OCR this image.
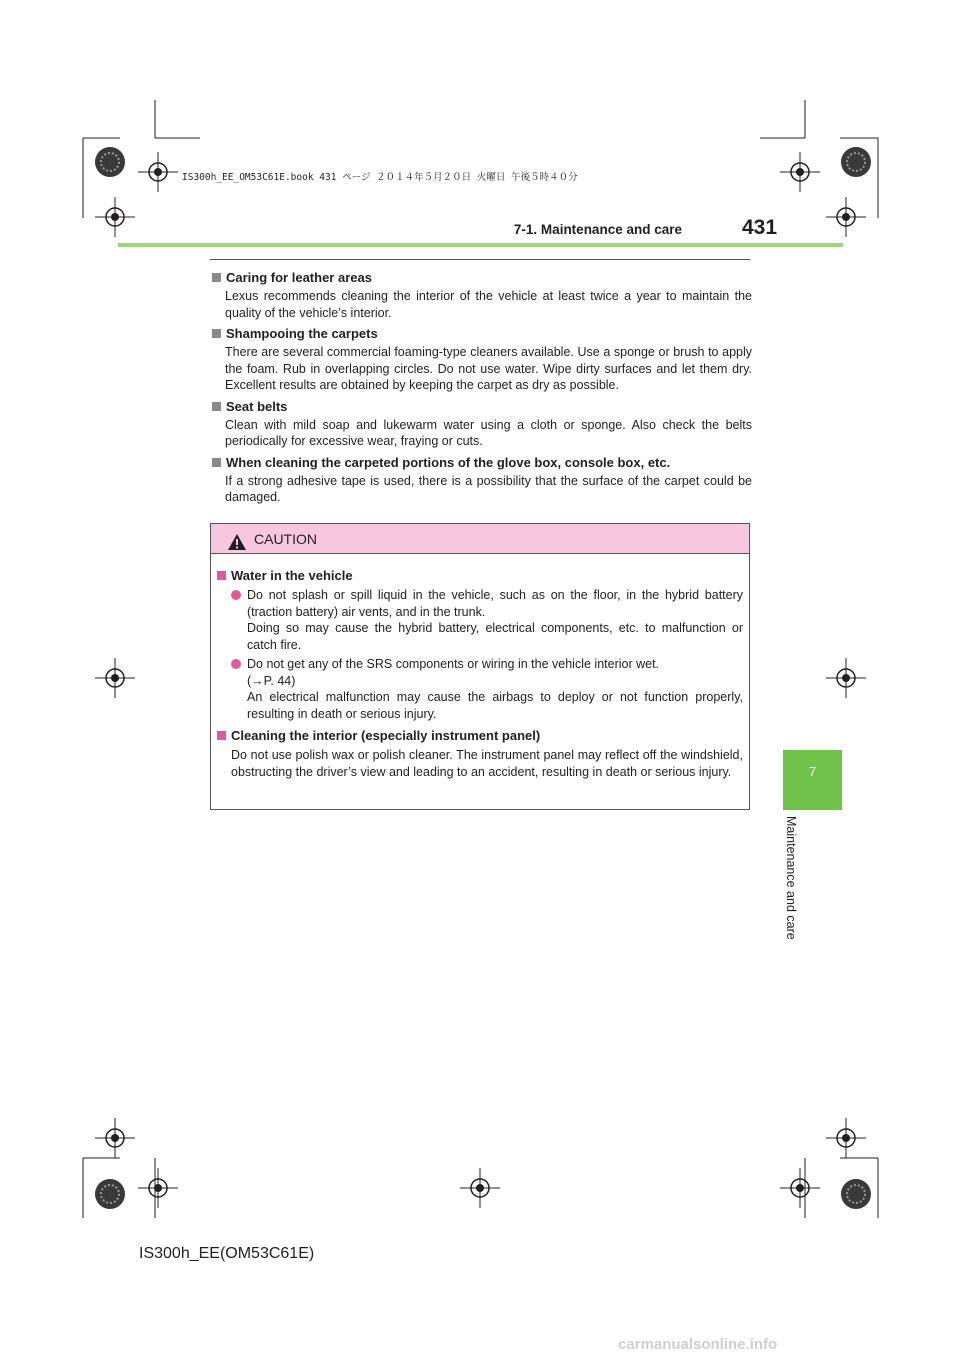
IS300h_EE_OM53C61E.book 431 ページ ２０１４年５月２０日 火曜日 午後５時４０分
7-1. Maintenance and care	431
7
Maintenance and care
Caring for leather areas

Lexus recommends cleaning the interior of the vehicle at least twice a year to maintain the quality of the vehicle’s interior.

Shampooing the carpets

There are several commercial foaming-type cleaners available. Use a sponge or brush to apply the foam. Rub in overlapping circles. Do not use water. Wipe dirty surfaces and let them dry. Excellent results are obtained by keeping the carpet as dry as possible.

Seat belts

Clean with mild soap and lukewarm water using a cloth or sponge. Also check the belts periodically for excessive wear, fraying or cuts.

When cleaning the carpeted portions of the glove box, console box, etc.

If a strong adhesive tape is used, there is a possibility that the surface of the carpet could be damaged.

CAUTION
Water in the vehicle

Do not splash or spill liquid in the vehicle, such as on the floor, in the hybrid battery (traction battery) air vents, and in the trunk.
Doing so may cause the hybrid battery, electrical components, etc. to malfunction or catch fire.

Do not get any of the SRS components or wiring in the vehicle interior wet.
(→P. 44)
An electrical malfunction may cause the airbags to deploy or not function properly, resulting in death or serious injury.

Cleaning the interior (especially instrument panel)

Do not use polish wax or polish cleaner. The instrument panel may reflect off the windshield, obstructing the driver’s view and leading to an accident, resulting in death or serious injury.

IS300h_EE(OM53C61E)
carmanualsonline.info
